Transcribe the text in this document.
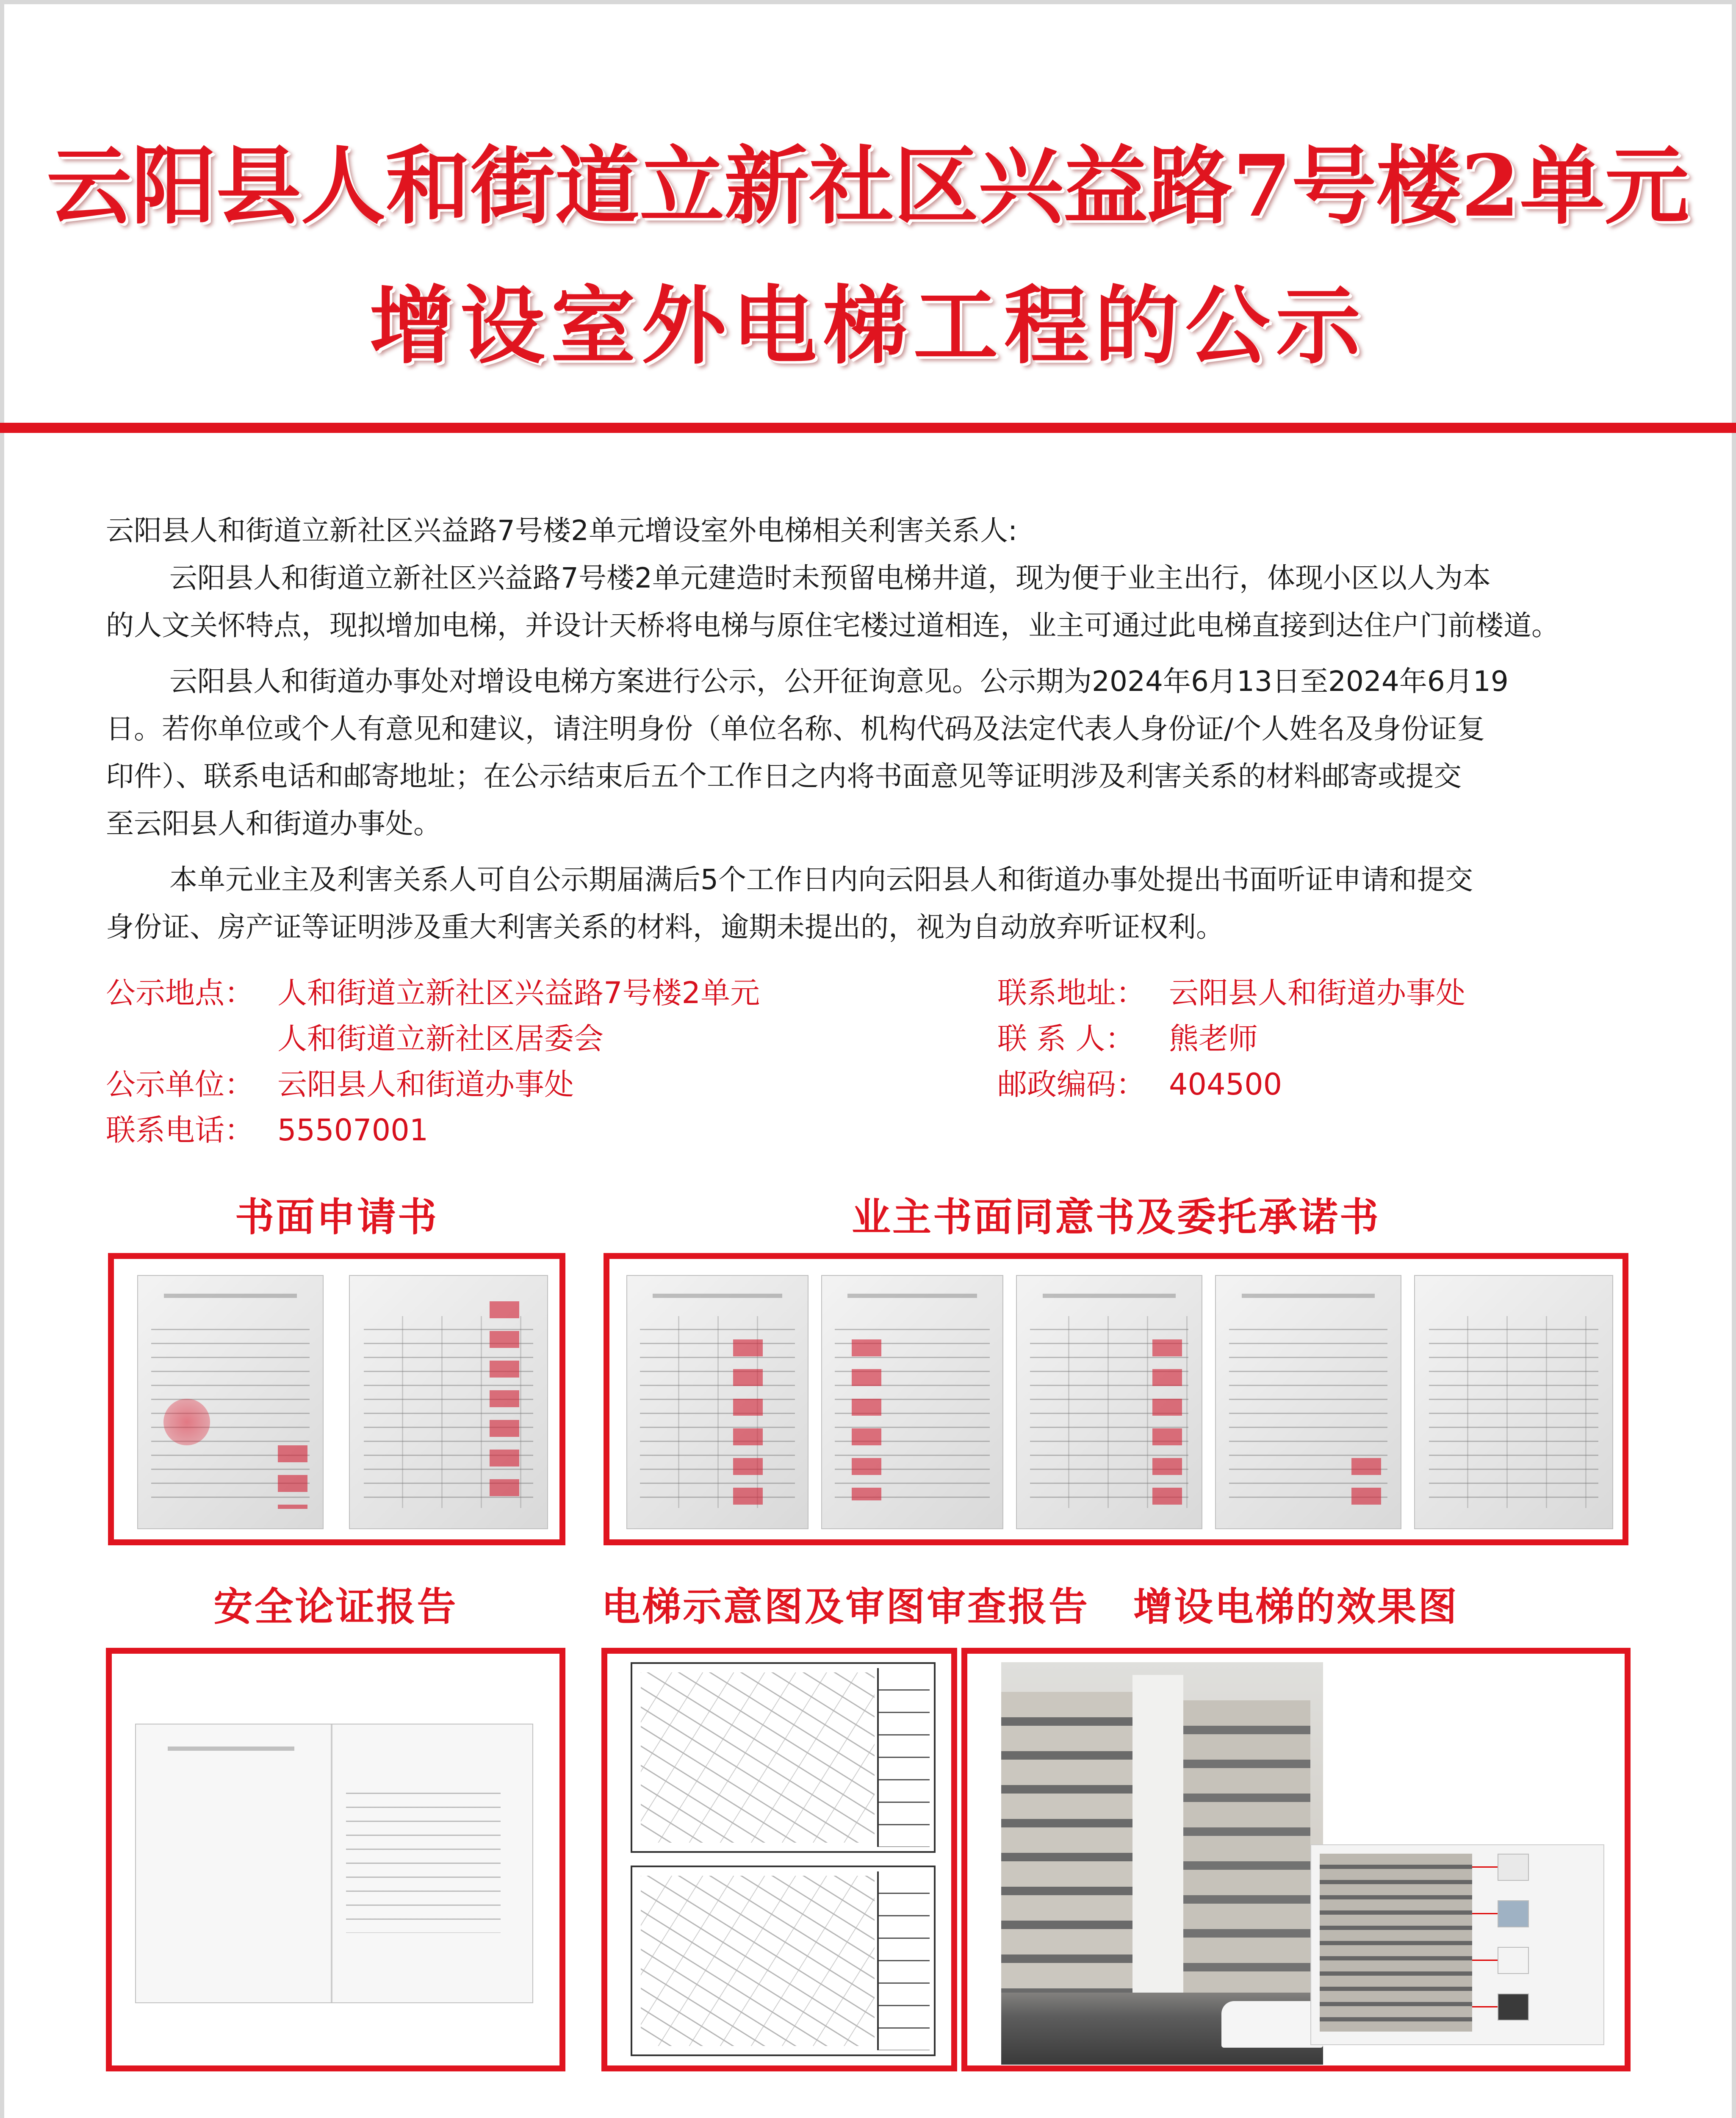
云阳县人和街道立新社区兴益路7号楼2单元
增设室外电梯工程的公示
云阳县人和街道立新社区兴益路7号楼2单元增设室外电梯相关利害关系人:
云阳县人和街道立新社区兴益路7号楼2单元建造时未预留电梯井道，现为便于业主出行，体现小区以人为本
的人文关怀特点，现拟增加电梯，并设计天桥将电梯与原住宅楼过道相连，业主可通过此电梯直接到达住户门前楼道。
云阳县人和街道办事处对增设电梯方案进行公示，公开征询意见。公示期为2024年6月13日至2024年6月19
日。若你单位或个人有意见和建议，请注明身份（单位名称、机构代码及法定代表人身份证/个人姓名及身份证复
印件）、联系电话和邮寄地址；在公示结束后五个工作日之内将书面意见等证明涉及利害关系的材料邮寄或提交
至云阳县人和街道办事处。
本单元业主及利害关系人可自公示期届满后5个工作日内向云阳县人和街道办事处提出书面听证申请和提交
身份证、房产证等证明涉及重大利害关系的材料，逾期未提出的，视为自动放弃听证权利。
公示地点： 人和街道立新社区兴益路7号楼2单元
人和街道立新社区居委会
公示单位： 云阳县人和街道办事处
联系电话： 55507001
联系地址： 云阳县人和街道办事处
联 系 人： 熊老师
邮政编码： 404500
书面申请书	业主书面同意书及委托承诺书
安全论证报告	电梯示意图及审图审查报告	增设电梯的效果图
